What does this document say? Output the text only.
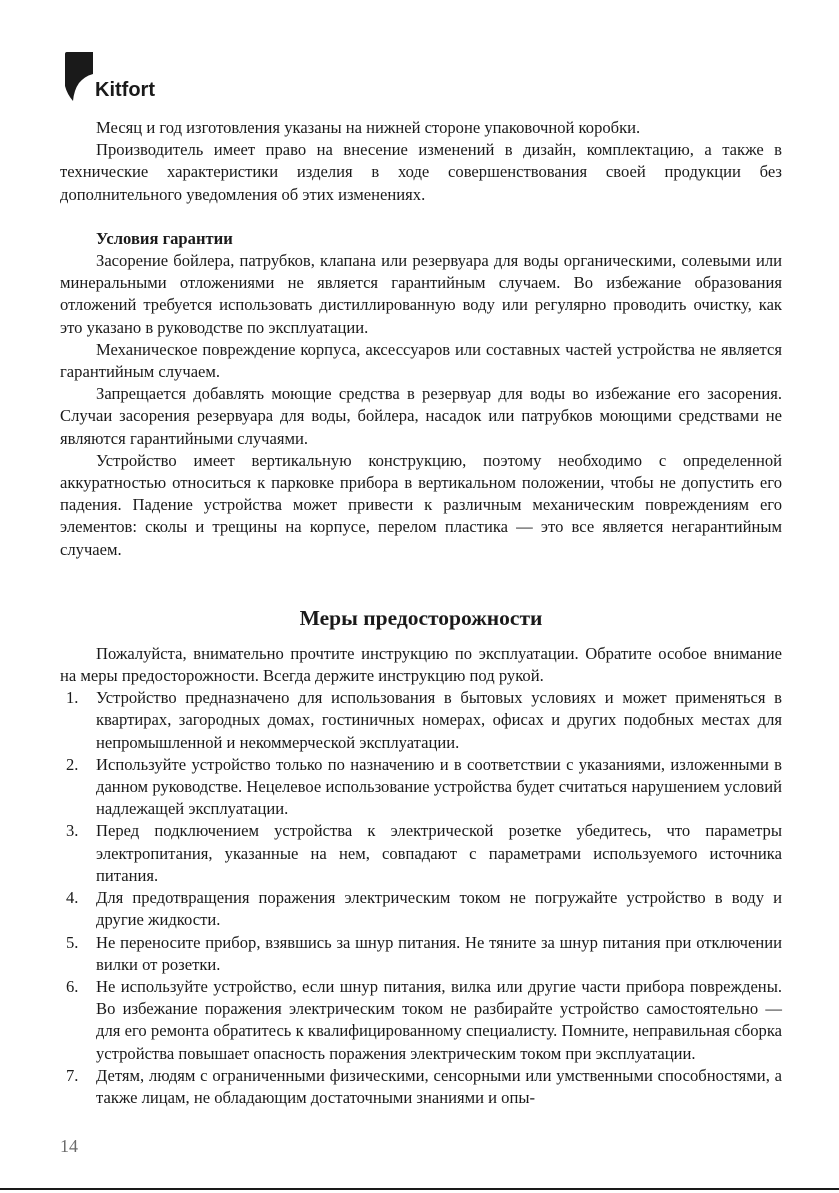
Kitfort

Месяц и год изготовления указаны на нижней стороне упаковочной коробки.

Производитель имеет право на внесение изменений в дизайн, комплектацию, а также в технические характеристики изделия в ходе совершенствования своей продукции без дополнительного уведомления об этих изменениях.

Условия гарантии

Засорение бойлера, патрубков, клапана или резервуара для воды органическими, солевыми или минеральными отложениями не является гарантийным случаем. Во избежание образования отложений требуется использовать дистиллированную воду или регулярно проводить очистку, как это указано в руководстве по эксплуатации.

Механическое повреждение корпуса, аксессуаров или составных частей устройства не является гарантийным случаем.

Запрещается добавлять моющие средства в резервуар для воды во избежание его засорения. Случаи засорения резервуара для воды, бойлера, насадок или патрубков моющими средствами не являются гарантийными случаями.

Устройство имеет вертикальную конструкцию, поэтому необходимо с определенной аккуратностью относиться к парковке прибора в вертикальном положении, чтобы не допустить его падения. Падение устройства может привести к различным механическим повреждениям его элементов: сколы и трещины на корпусе, перелом пластика — это все является негарантийным случаем.

Меры предосторожности

Пожалуйста, внимательно прочтите инструкцию по эксплуатации. Обратите особое внимание на меры предосторожности. Всегда держите инструкцию под рукой.

1. Устройство предназначено для использования в бытовых условиях и может применяться в квартирах, загородных домах, гостиничных номерах, офисах и других подобных местах для непромышленной и некоммерческой эксплуатации.
2. Используйте устройство только по назначению и в соответствии с указаниями, изложенными в данном руководстве. Нецелевое использование устройства будет считаться нарушением условий надлежащей эксплуатации.
3. Перед подключением устройства к электрической розетке убедитесь, что параметры электропитания, указанные на нем, совпадают с параметрами используемого источника питания.
4. Для предотвращения поражения электрическим током не погружайте устройство в воду и другие жидкости.
5. Не переносите прибор, взявшись за шнур питания. Не тяните за шнур питания при отключении вилки от розетки.
6. Не используйте устройство, если шнур питания, вилка или другие части прибора повреждены. Во избежание поражения электрическим током не разбирайте устройство самостоятельно — для его ремонта обратитесь к квалифицированному специалисту. Помните, неправильная сборка устройства повышает опасность поражения электрическим током при эксплуатации.
7. Детям, людям с ограниченными физическими, сенсорными или умственными способностями, а также лицам, не обладающим достаточными знаниями и опы-
14
